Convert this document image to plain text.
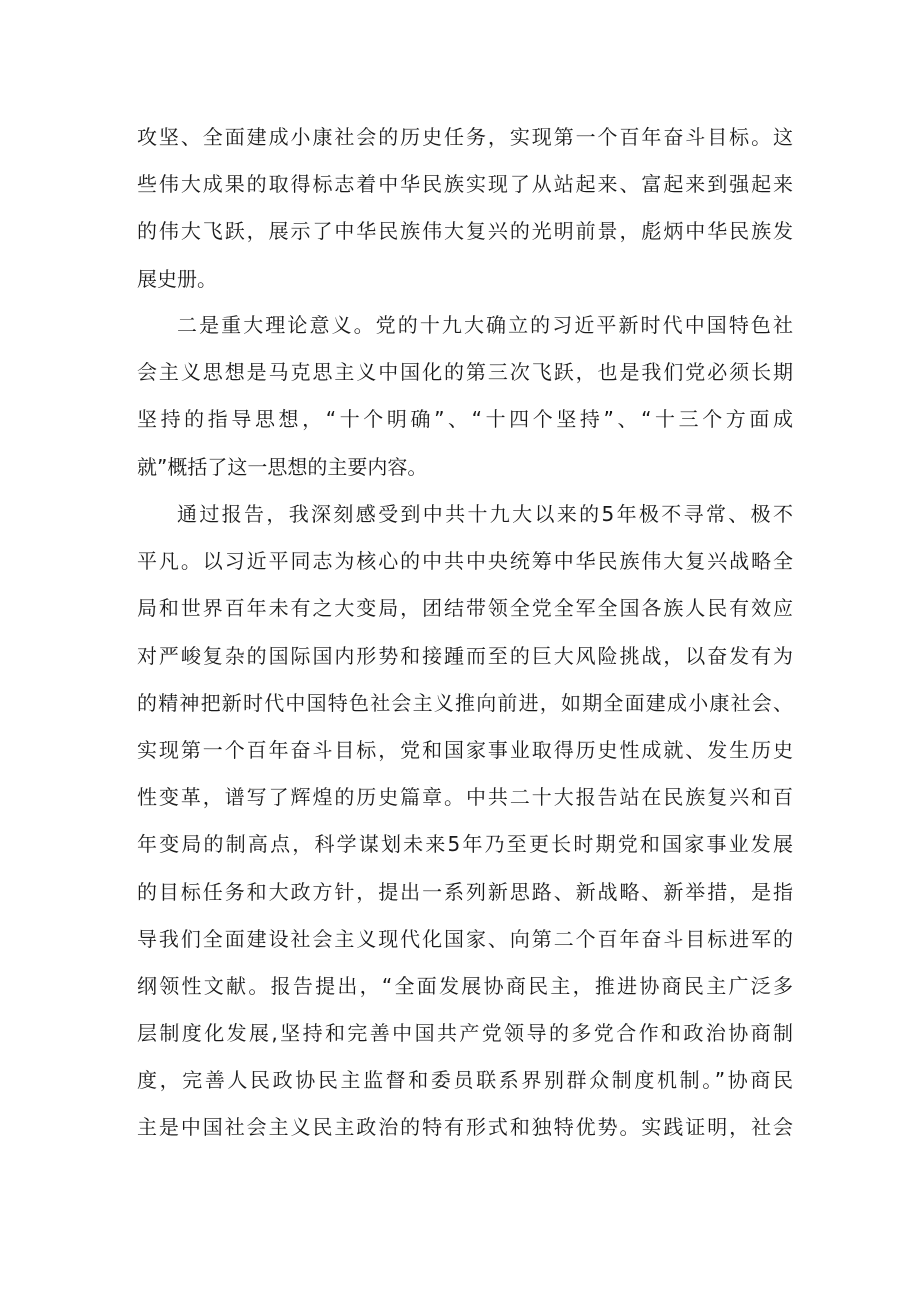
攻坚、全面建成小康社会的历史任务，实现第一个百年奋斗目标。这
些伟大成果的取得标志着中华民族实现了从站起来、富起来到强起来
的伟大飞跃，展示了中华民族伟大复兴的光明前景，彪炳中华民族发
展史册。
二是重大理论意义。党的十九大确立的习近平新时代中国特色社
会主义思想是马克思主义中国化的第三次飞跃，也是我们党必须长期
坚持的指导思想，“十个明确”、“十四个坚持”、“十三个方面成
就”概括了这一思想的主要内容。
通过报告，我深刻感受到中共十九大以来的5年极不寻常、极不
平凡。以习近平同志为核心的中共中央统筹中华民族伟大复兴战略全
局和世界百年未有之大变局，团结带领全党全军全国各族人民有效应
对严峻复杂的国际国内形势和接踵而至的巨大风险挑战，以奋发有为
的精神把新时代中国特色社会主义推向前进，如期全面建成小康社会、
实现第一个百年奋斗目标，党和国家事业取得历史性成就、发生历史
性变革，谱写了辉煌的历史篇章。中共二十大报告站在民族复兴和百
年变局的制高点，科学谋划未来5年乃至更长时期党和国家事业发展
的目标任务和大政方针，提出一系列新思路、新战略、新举措，是指
导我们全面建设社会主义现代化国家、向第二个百年奋斗目标进军的
纲领性文献。报告提出，“全面发展协商民主，推进协商民主广泛多
层制度化发展,坚持和完善中国共产党领导的多党合作和政治协商制
度，完善人民政协民主监督和委员联系界别群众制度机制。”协商民
主是中国社会主义民主政治的特有形式和独特优势。实践证明，社会
